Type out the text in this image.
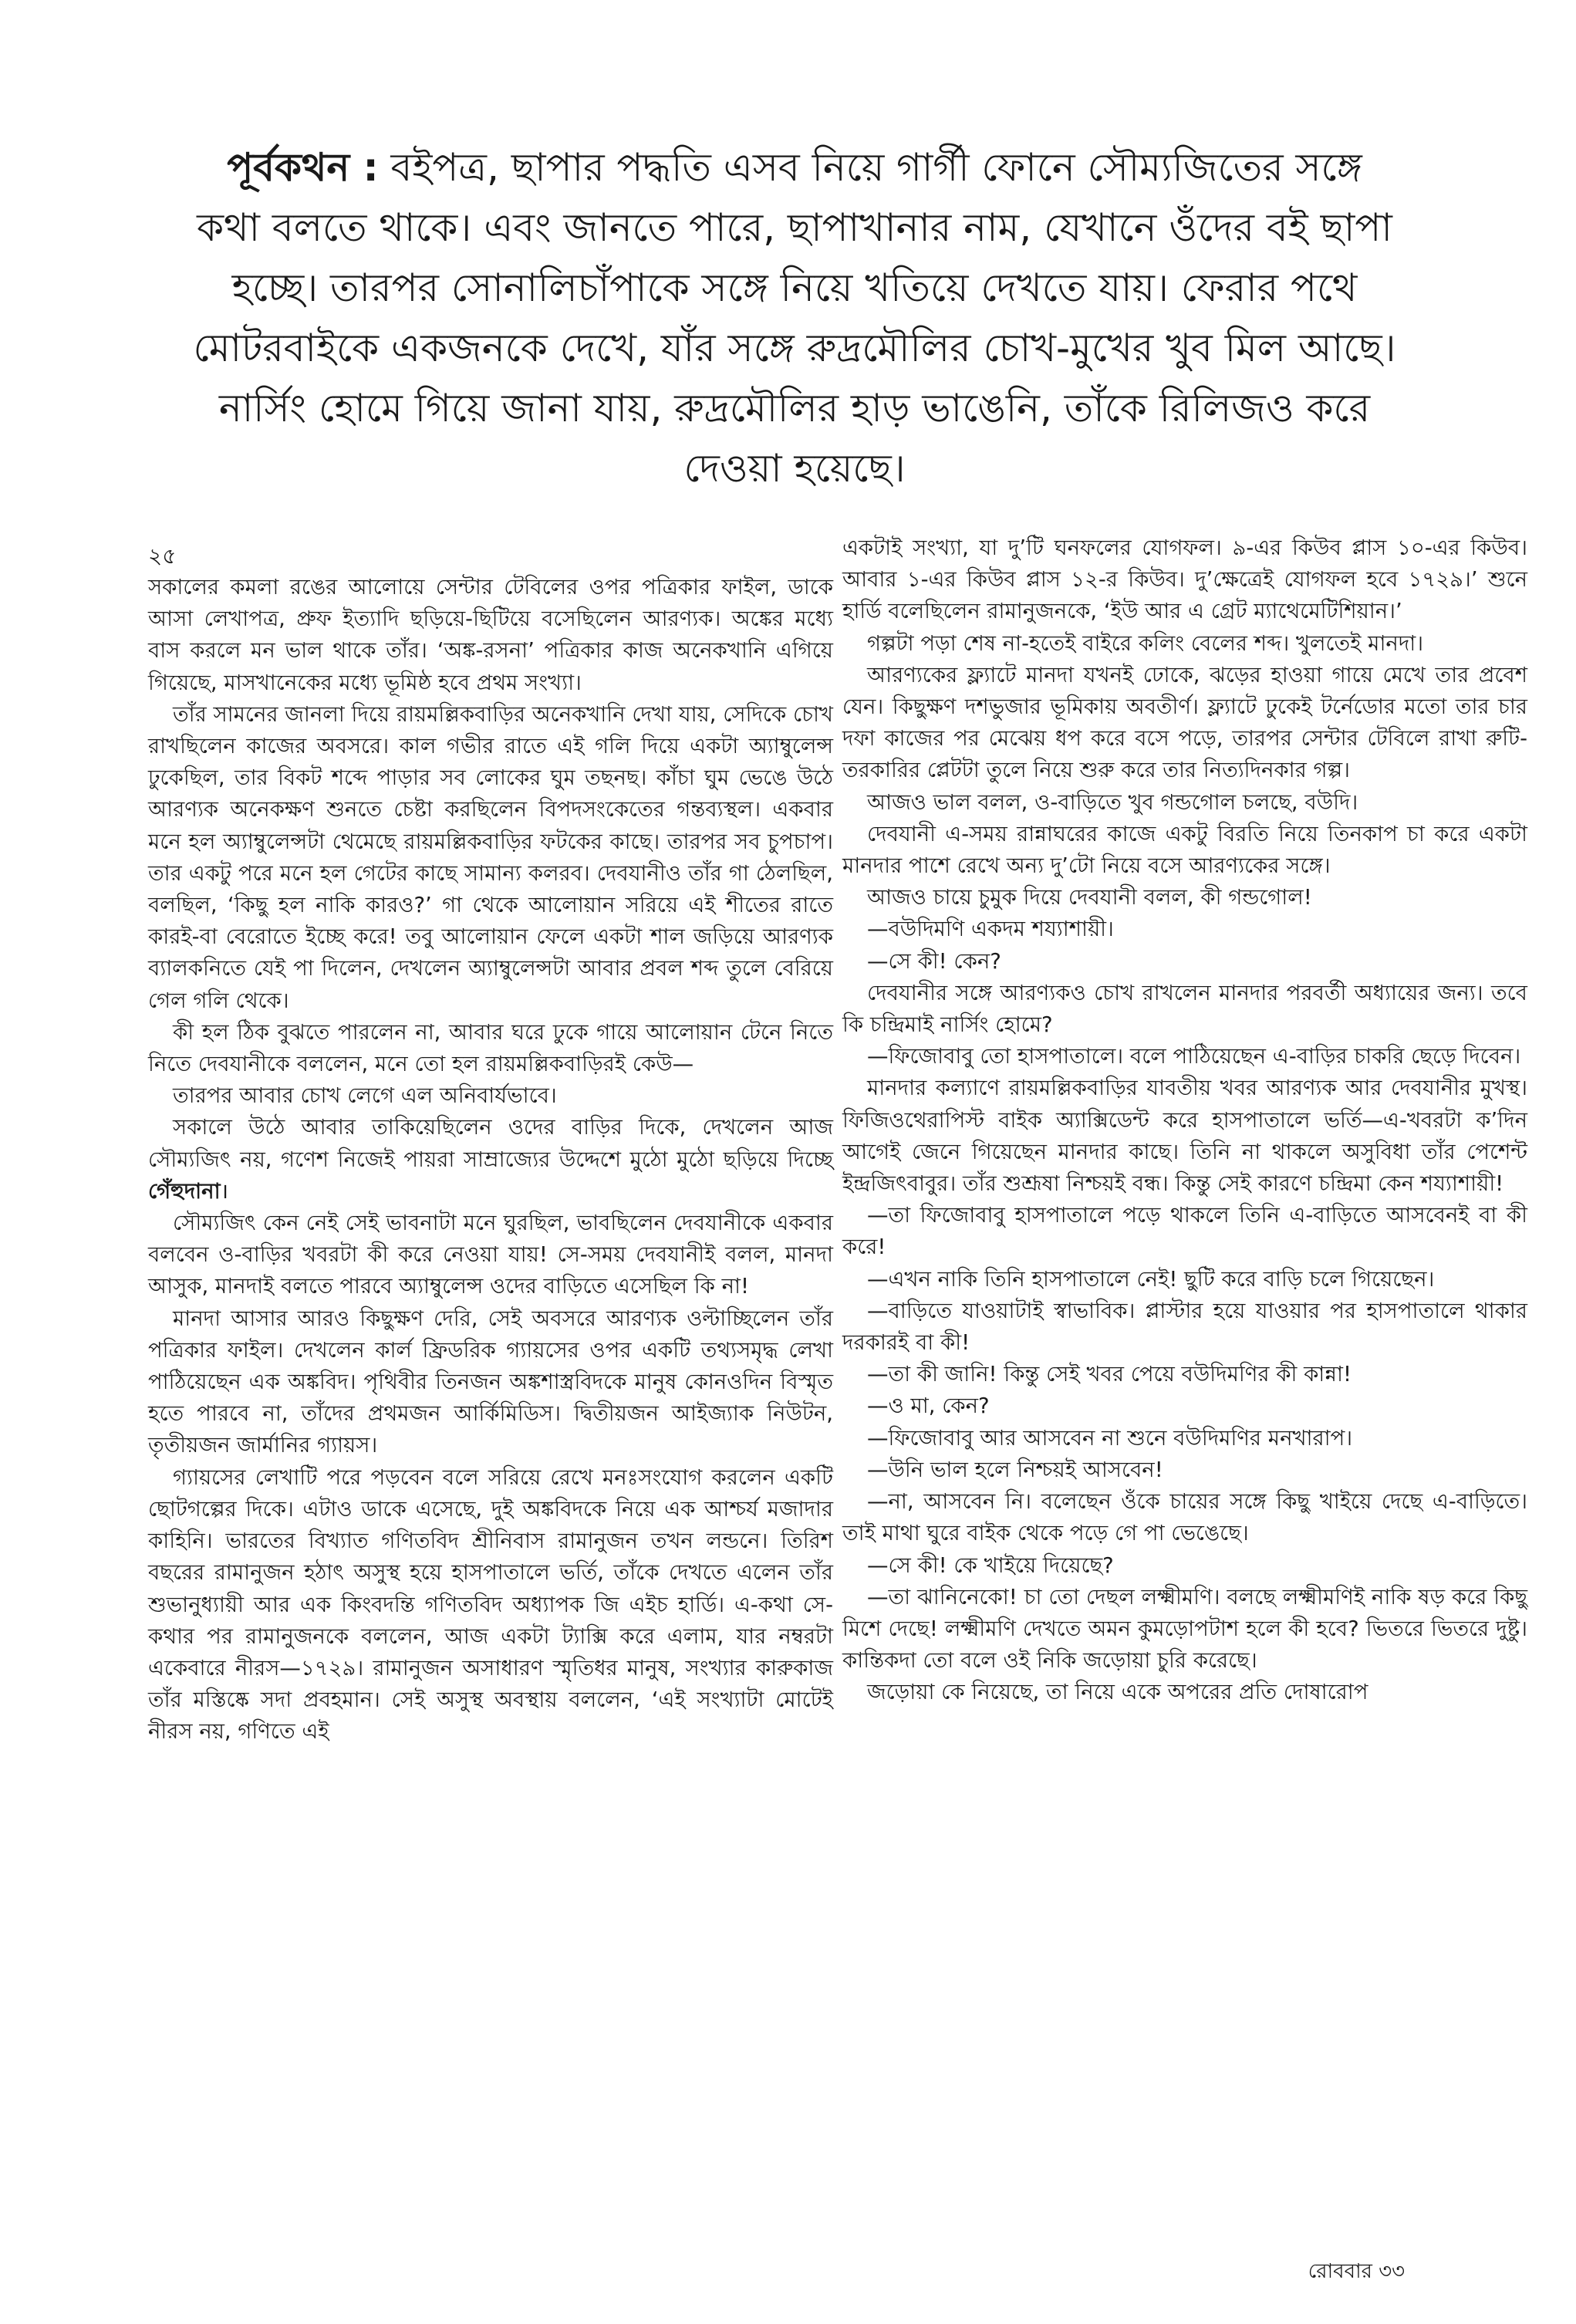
পূর্বকথন : বইপত্র, ছাপার পদ্ধতি এসব নিয়ে গার্গী ফোনে সৌম্যজিতের সঙ্গে কথা বলতে থাকে। এবং জানতে পারে, ছাপাখানার নাম, যেখানে ওঁদের বই ছাপা হচ্ছে। তারপর সোনালিচাঁপাকে সঙ্গে নিয়ে খতিয়ে দেখতে যায়। ফেরার পথে মোটরবাইকে একজনকে দেখে, যাঁর সঙ্গে রুদ্রমৌলির চোখ-মুখের খুব মিল আছে। নার্সিং হোমে গিয়ে জানা যায়, রুদ্রমৌলির হাড় ভাঙেনি, তাঁকে রিলিজও করে দেওয়া হয়েছে।

২৫

সকালের কমলা রঙের আলোয়ে সেন্টার টেবিলের ওপর পত্রিকার ফাইল, ডাকে আসা লেখাপত্র, প্রুফ ইত্যাদি ছড়িয়ে-ছিটিয়ে বসেছিলেন আরণ্যক। অঙ্কের মধ্যে বাস করলে মন ভাল থাকে তাঁর। ‘অঙ্ক-রসনা’ পত্রিকার কাজ অনেকখানি এগিয়ে গিয়েছে, মাসখানেকের মধ্যে ভূমিষ্ঠ হবে প্রথম সংখ্যা।

তাঁর সামনের জানলা দিয়ে রায়মল্লিকবাড়ির অনেকখানি দেখা যায়, সেদিকে চোখ রাখছিলেন কাজের অবসরে। কাল গভীর রাতে এই গলি দিয়ে একটা অ্যাম্বুলেন্স ঢুকেছিল, তার বিকট শব্দে পাড়ার সব লোকের ঘুম তছনছ। কাঁচা ঘুম ভেঙে উঠে আরণ্যক অনেকক্ষণ শুনতে চেষ্টা করছিলেন বিপদসংকেতের গন্তব্যস্থল। একবার মনে হল অ্যাম্বুলেন্সটা থেমেছে রায়মল্লিকবাড়ির ফটকের কাছে। তারপর সব চুপচাপ। তার একটু পরে মনে হল গেটের কাছে সামান্য কলরব। দেবযানীও তাঁর গা ঠেলছিল, বলছিল, ‘কিছু হল নাকি কারও?’ গা থেকে আলোয়ান সরিয়ে এই শীতের রাতে কারই-বা বেরোতে ইচ্ছে করে! তবু আলোয়ান ফেলে একটা শাল জড়িয়ে আরণ্যক ব্যালকনিতে যেই পা দিলেন, দেখলেন অ্যাম্বুলেন্সটা আবার প্রবল শব্দ তুলে বেরিয়ে গেল গলি থেকে।

কী হল ঠিক বুঝতে পারলেন না, আবার ঘরে ঢুকে গায়ে আলোয়ান টেনে নিতে নিতে দেবযানীকে বললেন, মনে তো হল রায়মল্লিকবাড়িরই কেউ—

তারপর আবার চোখ লেগে এল অনিবার্যভাবে।

সকালে উঠে আবার তাকিয়েছিলেন ওদের বাড়ির দিকে, দেখলেন আজ সৌম্যজিৎ নয়, গণেশ নিজেই পায়রা সাম্রাজ্যের উদ্দেশে মুঠো মুঠো ছড়িয়ে দিচ্ছে গেঁহুদানা।

সৌম্যজিৎ কেন নেই সেই ভাবনাটা মনে ঘুরছিল, ভাবছিলেন দেবযানীকে একবার বলবেন ও-বাড়ির খবরটা কী করে নেওয়া যায়! সে-সময় দেবযানীই বলল, মানদা আসুক, মানদাই বলতে পারবে অ্যাম্বুলেন্স ওদের বাড়িতে এসেছিল কি না!

মানদা আসার আরও কিছুক্ষণ দেরি, সেই অবসরে আরণ্যক ওল্টাচ্ছিলেন তাঁর পত্রিকার ফাইল। দেখলেন কার্ল ফ্রিডরিক গ্যায়সের ওপর একটি তথ্যসমৃদ্ধ লেখা পাঠিয়েছেন এক অঙ্কবিদ। পৃথিবীর তিনজন অঙ্কশাস্ত্রবিদকে মানুষ কোনওদিন বিস্মৃত হতে পারবে না, তাঁদের প্রথমজন আর্কিমিডিস। দ্বিতীয়জন আইজ্যাক নিউটন, তৃতীয়জন জার্মানির গ্যায়স।

গ্যায়সের লেখাটি পরে পড়বেন বলে সরিয়ে রেখে মনঃসংযোগ করলেন একটি ছোটগল্পের দিকে। এটাও ডাকে এসেছে, দুই অঙ্কবিদকে নিয়ে এক আশ্চর্য মজাদার কাহিনি। ভারতের বিখ্যাত গণিতবিদ শ্রীনিবাস রামানুজন তখন লন্ডনে। তিরিশ বছরের রামানুজন হঠাৎ অসুস্থ হয়ে হাসপাতালে ভর্তি, তাঁকে দেখতে এলেন তাঁর শুভানুধ্যায়ী আর এক কিংবদন্তি গণিতবিদ অধ্যাপক জি এইচ হার্ডি। এ-কথা সে-কথার পর রামানুজনকে বললেন, আজ একটা ট্যাক্সি করে এলাম, যার নম্বরটা একেবারে নীরস—১৭২৯। রামানুজন অসাধারণ স্মৃতিধর মানুষ, সংখ্যার কারুকাজ তাঁর মস্তিষ্কে সদা প্রবহমান। সেই অসুস্থ অবস্থায় বললেন, ‘এই সংখ্যাটা মোটেই নীরস নয়, গণিতে এই

একটাই সংখ্যা, যা দু’টি ঘনফলের যোগফল। ৯-এর কিউব প্লাস ১০-এর কিউব। আবার ১-এর কিউব প্লাস ১২-র কিউব। দু’ক্ষেত্রেই যোগফল হবে ১৭২৯।’ শুনে হার্ডি বলেছিলেন রামানুজনকে, ‘ইউ আর এ গ্রেট ম্যাথেমেটিশিয়ান।’

গল্পটা পড়া শেষ না-হতেই বাইরে কলিং বেলের শব্দ। খুলতেই মানদা।

আরণ্যকের ফ্ল্যাটে মানদা যখনই ঢোকে, ঝড়ের হাওয়া গায়ে মেখে তার প্রবেশ যেন। কিছুক্ষণ দশভুজার ভূমিকায় অবতীর্ণ। ফ্ল্যাটে ঢুকেই টর্নেডোর মতো তার চার দফা কাজের পর মেঝেয় ধপ করে বসে পড়ে, তারপর সেন্টার টেবিলে রাখা রুটি-তরকারির প্লেটটা তুলে নিয়ে শুরু করে তার নিত্যদিনকার গল্প।

আজও ভাল বলল, ও-বাড়িতে খুব গন্ডগোল চলছে, বউদি।

দেবযানী এ-সময় রান্নাঘরের কাজে একটু বিরতি নিয়ে তিনকাপ চা করে একটা মানদার পাশে রেখে অন্য দু’টো নিয়ে বসে আরণ্যকের সঙ্গে।

আজও চায়ে চুমুক দিয়ে দেবযানী বলল, কী গন্ডগোল!

—বউদিমণি একদম শয্যাশায়ী।

—সে কী! কেন?

দেবযানীর সঙ্গে আরণ্যকও চোখ রাখলেন মানদার পরবর্তী অধ্যায়ের জন্য। তবে কি চন্দ্রিমাই নার্সিং হোমে?

—ফিজোবাবু তো হাসপাতালে। বলে পাঠিয়েছেন এ-বাড়ির চাকরি ছেড়ে দিবেন।

মানদার কল্যাণে রায়মল্লিকবাড়ির যাবতীয় খবর আরণ্যক আর দেবযানীর মুখস্থ। ফিজিওথেরাপিস্ট বাইক অ্যাক্সিডেন্ট করে হাসপাতালে ভর্তি—এ-খবরটা ক’দিন আগেই জেনে গিয়েছেন মানদার কাছে। তিনি না থাকলে অসুবিধা তাঁর পেশেন্ট ইন্দ্রজিৎবাবুর। তাঁর শুশ্রূষা নিশ্চয়ই বন্ধ। কিন্তু সেই কারণে চন্দ্রিমা কেন শয্যাশায়ী!

—তা ফিজোবাবু হাসপাতালে পড়ে থাকলে তিনি এ-বাড়িতে আসবেনই বা কী করে!

—এখন নাকি তিনি হাসপাতালে নেই! ছুটি করে বাড়ি চলে গিয়েছেন।

—বাড়িতে যাওয়াটাই স্বাভাবিক। প্লাস্টার হয়ে যাওয়ার পর হাসপাতালে থাকার দরকারই বা কী!

—তা কী জানি! কিন্তু সেই খবর পেয়ে বউদিমণির কী কান্না!

—ও মা, কেন?

—ফিজোবাবু আর আসবেন না শুনে বউদিমণির মনখারাপ।

—উনি ভাল হলে নিশ্চয়ই আসবেন!

—না, আসবেন নি। বলেছেন ওঁকে চায়ের সঙ্গে কিছু খাইয়ে দেছে এ-বাড়িতে। তাই মাথা ঘুরে বাইক থেকে পড়ে গে পা ভেঙেছে।

—সে কী! কে খাইয়ে দিয়েছে?

—তা ঝানিনেকো! চা তো দেছল লক্ষ্মীমণি। বলছে লক্ষ্মীমণিই নাকি ষড় করে কিছু মিশে দেছে! লক্ষ্মীমণি দেখতে অমন কুমড়োপটাশ হলে কী হবে? ভিতরে ভিতরে দুষ্টু। কান্তিকদা তো বলে ওই নিকি জড়োয়া চুরি করেছে।

জড়োয়া কে নিয়েছে, তা নিয়ে একে অপরের প্রতি দোষারোপ

রোববার ৩৩
